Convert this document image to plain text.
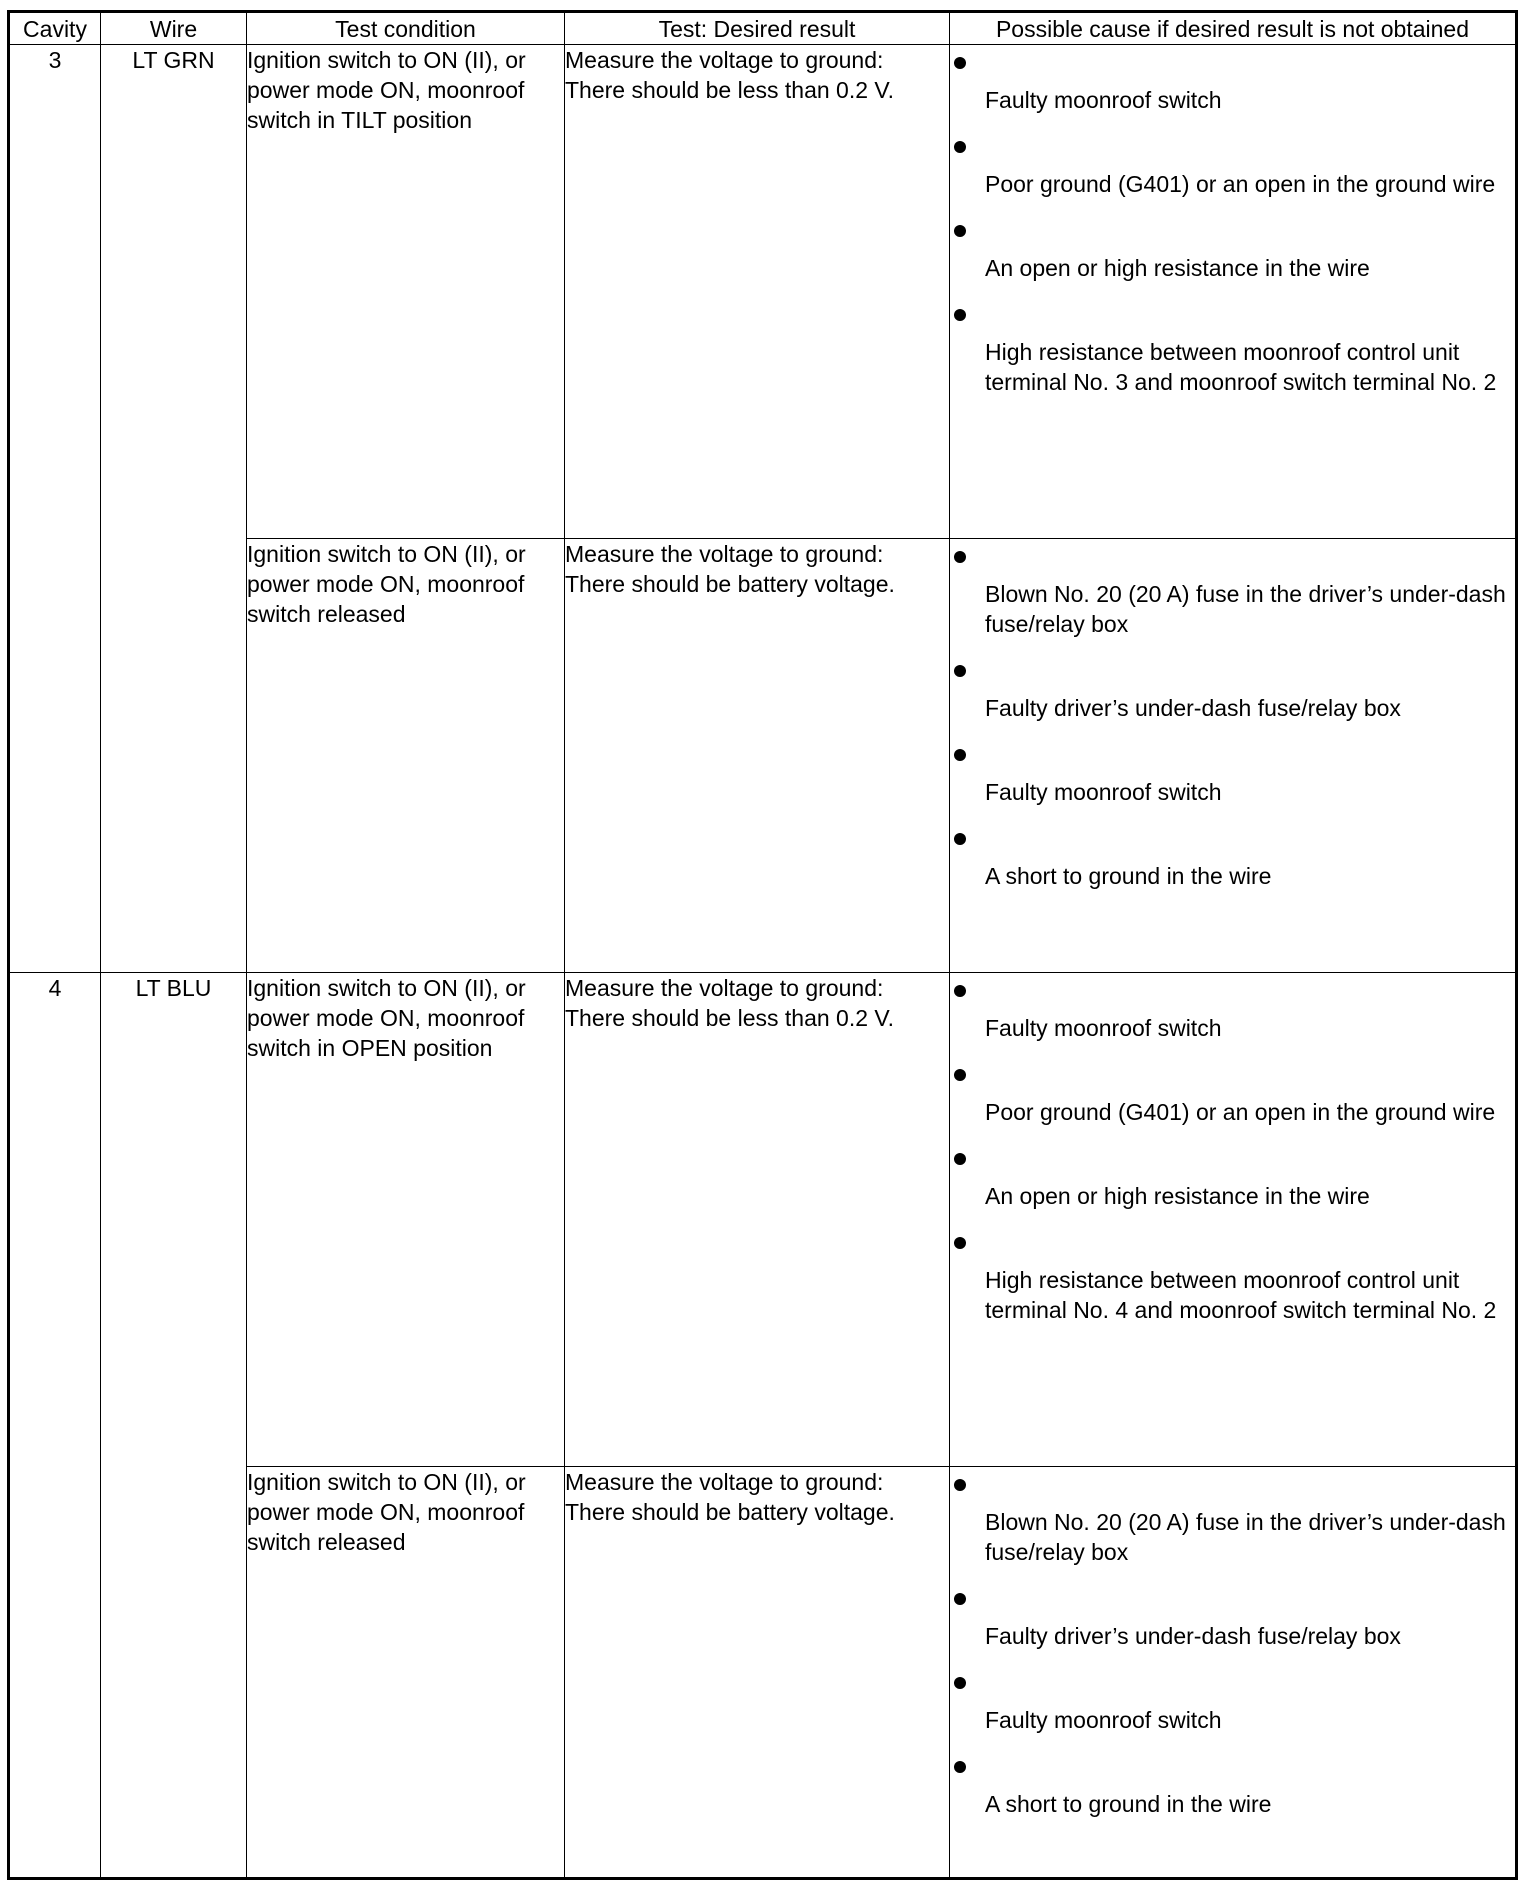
Cavity	Wire	Test condition	Test: Desired result	Possible cause if desired result is not obtained
3	LT GRN	Ignition switch to ON (II), or power mode ON, moonroof switch in TILT position	Measure the voltage to ground: There should be less than 0.2 V.	Faulty moonroof switch
Poor ground (G401) or an open in the ground wire
An open or high resistance in the wire
High resistance between moonroof control unit terminal No. 3 and moonroof switch terminal No. 2

		Ignition switch to ON (II), or power mode ON, moonroof switch released	Measure the voltage to ground: There should be battery voltage.	Blown No. 20 (20 A) fuse in the driver’s under-dash fuse/relay box
Faulty driver’s under-dash fuse/relay box
Faulty moonroof switch
A short to ground in the wire

4	LT BLU	Ignition switch to ON (II), or power mode ON, moonroof switch in OPEN position	Measure the voltage to ground: There should be less than 0.2 V.	Faulty moonroof switch
Poor ground (G401) or an open in the ground wire
An open or high resistance in the wire
High resistance between moonroof control unit terminal No. 4 and moonroof switch terminal No. 2

		Ignition switch to ON (II), or power mode ON, moonroof switch released	Measure the voltage to ground: There should be battery voltage.	Blown No. 20 (20 A) fuse in the driver’s under-dash fuse/relay box
Faulty driver’s under-dash fuse/relay box
Faulty moonroof switch
A short to ground in the wire
